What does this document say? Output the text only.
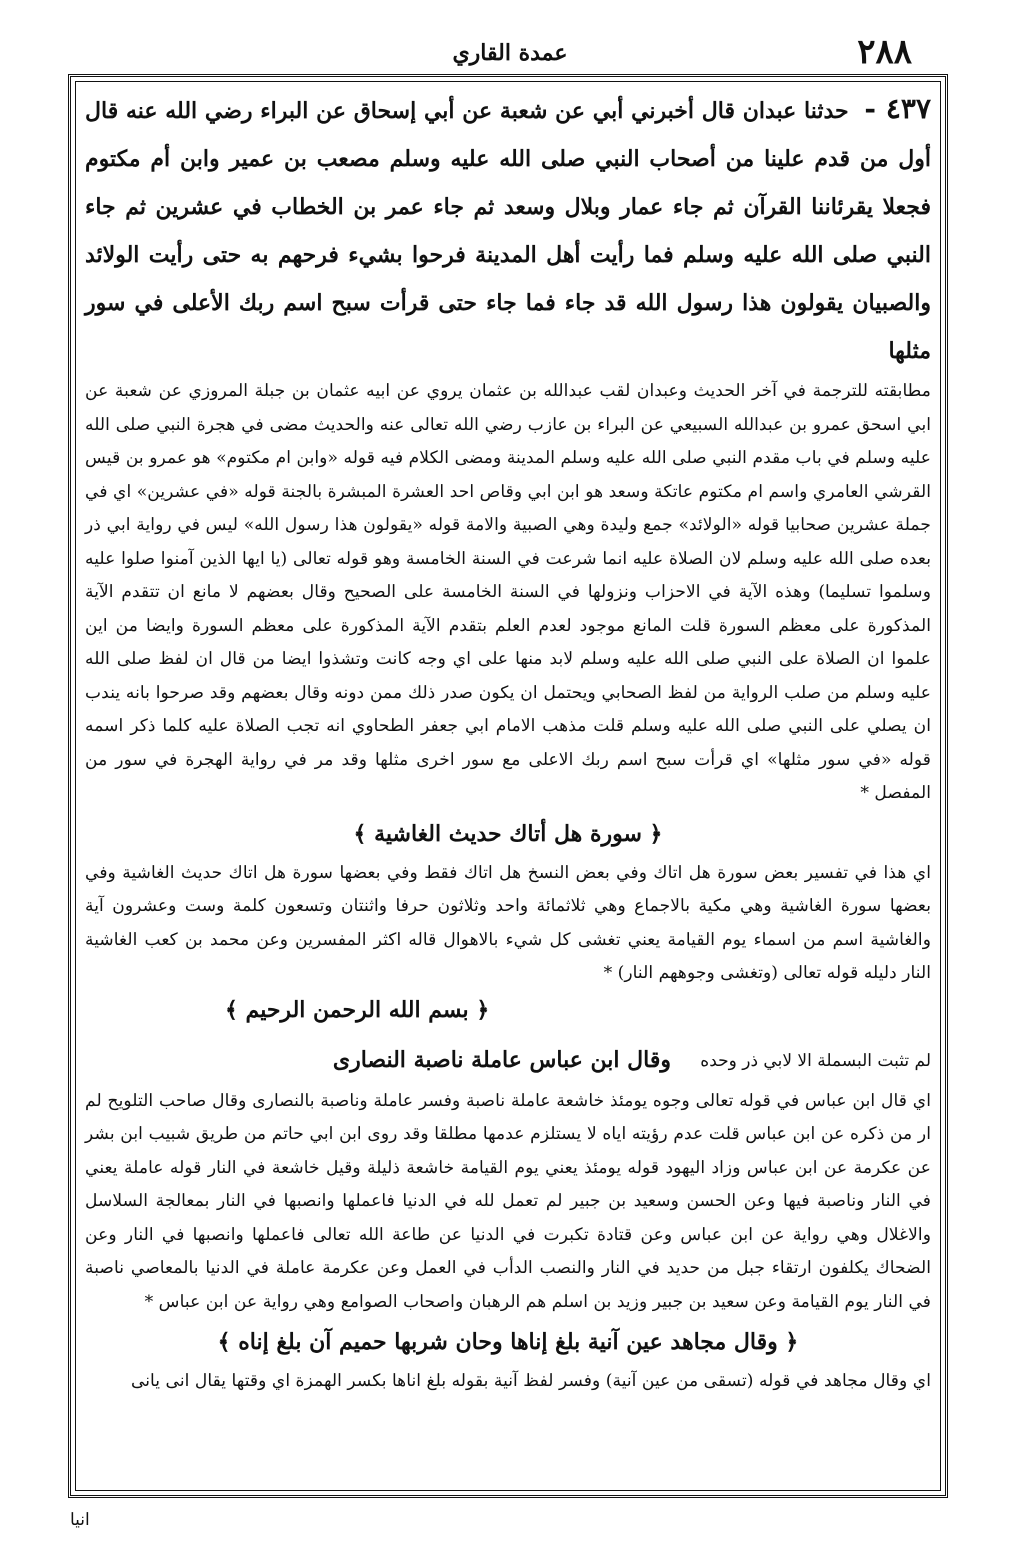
٢٨٨
عمدة القاري

٤٣٧ - حدثنا عبدان قال أخبرني أبي عن شعبة عن أبي إسحاق عن البراء رضي الله عنه قال أول من قدم علينا من أصحاب النبي صلى الله عليه وسلم مصعب بن عمير وابن أم مكتوم فجعلا يقرئاننا القرآن ثم جاء عمار وبلال وسعد ثم جاء عمر بن الخطاب في عشرين ثم جاء النبي صلى الله عليه وسلم فما رأيت أهل المدينة فرحوا بشيء فرحهم به حتى رأيت الولائد والصبيان يقولون هذا رسول الله قد جاء فما جاء حتى قرأت سبح اسم ربك الأعلى في سور مثلها

مطابقته للترجمة في آخر الحديث وعبدان لقب عبدالله بن عثمان يروي عن ابيه عثمان بن جبلة المروزي عن شعبة عن ابي اسحق عمرو بن عبدالله السبيعي عن البراء بن عازب رضي الله تعالى عنه والحديث مضى في هجرة النبي صلى الله عليه وسلم في باب مقدم النبي صلى الله عليه وسلم المدينة ومضى الكلام فيه قوله «وابن ام مكتوم» هو عمرو بن قيس القرشي العامري واسم ام مكتوم عاتكة وسعد هو ابن ابي وقاص احد العشرة المبشرة بالجنة قوله «في عشرين» اي في جملة عشرين صحابيا قوله «الولائد» جمع وليدة وهي الصبية والامة قوله «يقولون هذا رسول الله» ليس في رواية ابي ذر بعده صلى الله عليه وسلم لان الصلاة عليه انما شرعت في السنة الخامسة وهو قوله تعالى (يا ايها الذين آمنوا صلوا عليه وسلموا تسليما) وهذه الآية في الاحزاب ونزولها في السنة الخامسة على الصحيح وقال بعضهم لا مانع ان تتقدم الآية المذكورة على معظم السورة قلت المانع موجود لعدم العلم بتقدم الآية المذكورة على معظم السورة وايضا من اين علموا ان الصلاة على النبي صلى الله عليه وسلم لابد منها على اي وجه كانت وتشذوا ايضا من قال ان لفظ صلى الله عليه وسلم من صلب الرواية من لفظ الصحابي ويحتمل ان يكون صدر ذلك ممن دونه وقال بعضهم وقد صرحوا بانه يندب ان يصلي على النبي صلى الله عليه وسلم قلت مذهب الامام ابي جعفر الطحاوي انه تجب الصلاة عليه كلما ذكر اسمه قوله «في سور مثلها» اي قرأت سبح اسم ربك الاعلى مع سور اخرى مثلها وقد مر في رواية الهجرة في سور من المفصل *

﴿ سورة هل أتاك حديث الغاشية ﴾

اي هذا في تفسير بعض سورة هل اتاك وفي بعض النسخ هل اتاك فقط وفي بعضها سورة هل اتاك حديث الغاشية وفي بعضها سورة الغاشية وهي مكية بالاجماع وهي ثلاثمائة واحد وثلاثون حرفا واثنتان وتسعون كلمة وست وعشرون آية والغاشية اسم من اسماء يوم القيامة يعني تغشى كل شيء بالاهوال قاله اكثر المفسرين وعن محمد بن كعب الغاشية النار دليله قوله تعالى (وتغشى وجوههم النار) *

﴿ بسم الله الرحمن الرحيم ﴾
لم تثبت البسملة الا لابي ذر وحده
وقال ابن عباس عاملة ناصبة النصارى

اي قال ابن عباس في قوله تعالى وجوه يومئذ خاشعة عاملة ناصبة وفسر عاملة وناصبة بالنصارى وقال صاحب التلويح لم ار من ذكره عن ابن عباس قلت عدم رؤيته اياه لا يستلزم عدمها مطلقا وقد روى ابن ابي حاتم من طريق شبيب ابن بشر عن عكرمة عن ابن عباس وزاد اليهود قوله يومئذ يعني يوم القيامة خاشعة ذليلة وقيل خاشعة في النار قوله عاملة يعني في النار وناصبة فيها وعن الحسن وسعيد بن جبير لم تعمل لله في الدنيا فاعملها وانصبها في النار بمعالجة السلاسل والاغلال وهي رواية عن ابن عباس وعن قتادة تكبرت في الدنيا عن طاعة الله تعالى فاعملها وانصبها في النار وعن الضحاك يكلفون ارتقاء جبل من حديد في النار والنصب الدأب في العمل وعن عكرمة عاملة في الدنيا بالمعاصي ناصبة في النار يوم القيامة وعن سعيد بن جبير وزيد بن اسلم هم الرهبان واصحاب الصوامع وهي رواية عن ابن عباس *

﴿ وقال مجاهد عين آنية بلغ إناها وحان شربها حميم آن بلغ إناه ﴾

اي وقال مجاهد في قوله (تسقى من عين آنية) وفسر لفظ آنية بقوله بلغ اناها بكسر الهمزة اي وقتها يقال انى يانى

انيا
